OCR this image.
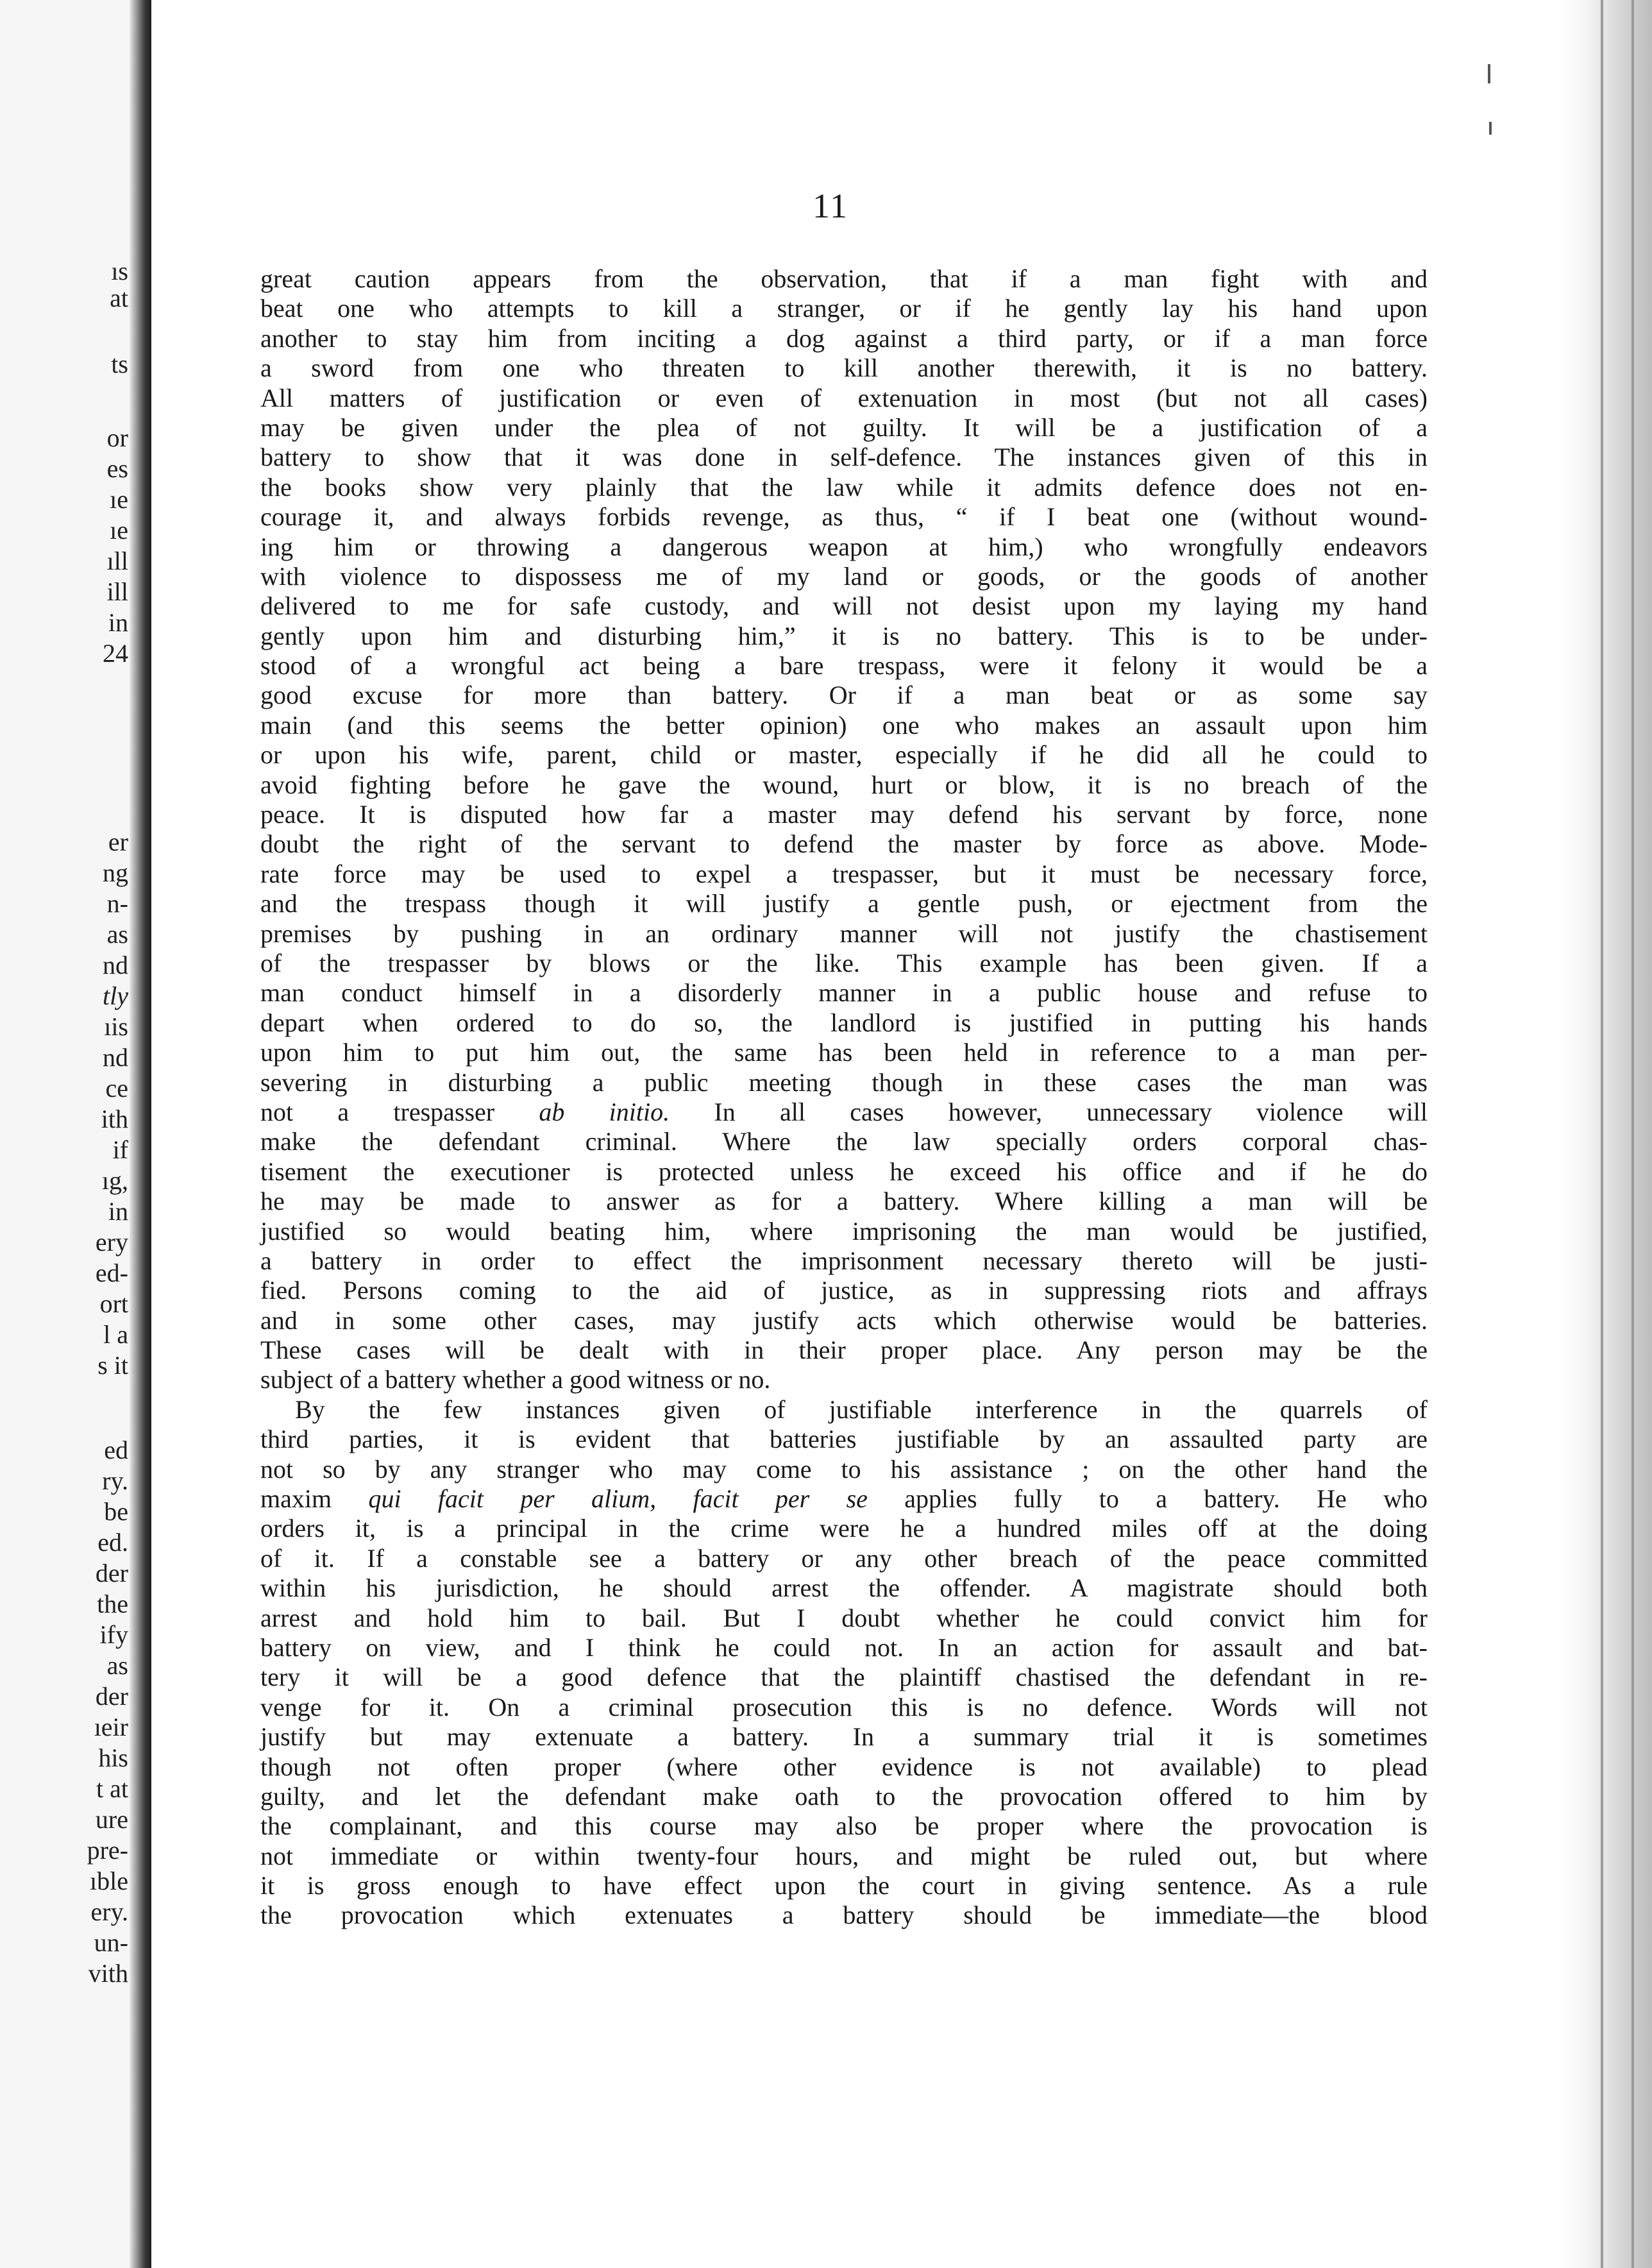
ıs
at
ts
or
es
ıe
ıe
ıll
ill
in
24
er
ng
n-
as
nd
tly
ıis
nd
ce
ith
if
ıg,
in
ery
ed-
ort
l a
s it
ed
ry.
be
ed.
der
the
ify
as
der
ıeir
his
t at
ure
pre-
ıble
ery.
un-
vith
11
great caution appears from the observation, that if a man fight with and
beat one who attempts to kill a stranger, or if he gently lay his hand upon
another to stay him from inciting a dog against a third party, or if a man force
a sword from one who threaten to kill another therewith, it is no battery.
All matters of justification or even of extenuation in most (but not all cases)
may be given under the plea of not guilty. It will be a justification of a
battery to show that it was done in self-defence. The instances given of this in
the books show very plainly that the law while it admits defence does not en-
courage it, and always forbids revenge, as thus, “ if I beat one (without wound-
ing him or throwing a dangerous weapon at him,) who wrongfully endeavors
with violence to dispossess me of my land or goods, or the goods of another
delivered to me for safe custody, and will not desist upon my laying my hand
gently upon him and disturbing him,” it is no battery. This is to be under-
stood of a wrongful act being a bare trespass, were it felony it would be a
good excuse for more than battery. Or if a man beat or as some say
main (and this seems the better opinion) one who makes an assault upon him
or upon his wife, parent, child or master, especially if he did all he could to
avoid fighting before he gave the wound, hurt or blow, it is no breach of the
peace. It is disputed how far a master may defend his servant by force, none
doubt the right of the servant to defend the master by force as above. Mode-
rate force may be used to expel a trespasser, but it must be necessary force,
and the trespass though it will justify a gentle push, or ejectment from the
premises by pushing in an ordinary manner will not justify the chastisement
of the trespasser by blows or the like. This example has been given. If a
man conduct himself in a disorderly manner in a public house and refuse to
depart when ordered to do so, the landlord is justified in putting his hands
upon him to put him out, the same has been held in reference to a man per-
severing in disturbing a public meeting though in these cases the man was
not a trespasser ab initio. In all cases however, unnecessary violence will
make the defendant criminal. Where the law specially orders corporal chas-
tisement the executioner is protected unless he exceed his office and if he do
he may be made to answer as for a battery. Where killing a man will be
justified so would beating him, where imprisoning the man would be justified,
a battery in order to effect the imprisonment necessary thereto will be justi-
fied. Persons coming to the aid of justice, as in suppressing riots and affrays
and in some other cases, may justify acts which otherwise would be batteries.
These cases will be dealt with in their proper place. Any person may be the
subject of a battery whether a good witness or no.
By the few instances given of justifiable interference in the quarrels of
third parties, it is evident that batteries justifiable by an assaulted party are
not so by any stranger who may come to his assistance ; on the other hand the
maxim qui facit per alium, facit per se applies fully to a battery. He who
orders it, is a principal in the crime were he a hundred miles off at the doing
of it. If a constable see a battery or any other breach of the peace committed
within his jurisdiction, he should arrest the offender. A magistrate should both
arrest and hold him to bail. But I doubt whether he could convict him for
battery on view, and I think he could not. In an action for assault and bat-
tery it will be a good defence that the plaintiff chastised the defendant in re-
venge for it. On a criminal prosecution this is no defence. Words will not
justify but may extenuate a battery. In a summary trial it is sometimes
though not often proper (where other evidence is not available) to plead
guilty, and let the defendant make oath to the provocation offered to him by
the complainant, and this course may also be proper where the provocation is
not immediate or within twenty-four hours, and might be ruled out, but where
it is gross enough to have effect upon the court in giving sentence. As a rule
the provocation which extenuates a battery should be immediate—the blood
